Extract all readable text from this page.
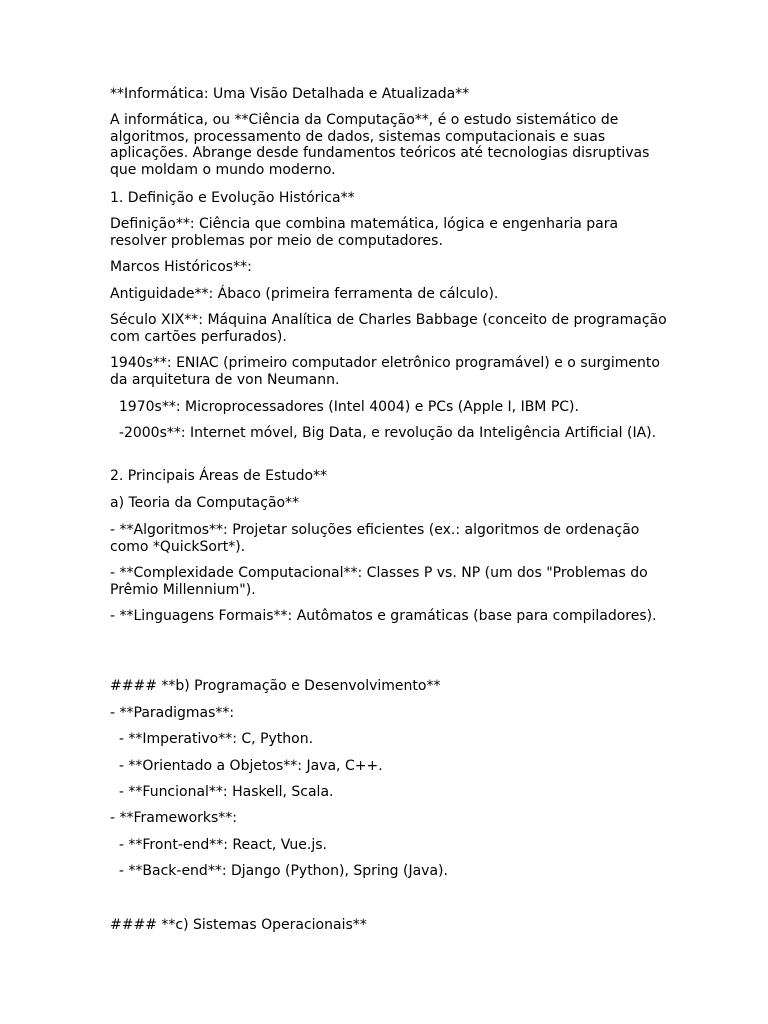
**Informática: Uma Visão Detalhada e Atualizada**
A informática, ou **Ciência da Computação**, é o estudo sistemático de algoritmos, processamento de dados, sistemas computacionais e suas aplicações. Abrange desde fundamentos teóricos até tecnologias disruptivas que moldam o mundo moderno.
1. Definição e Evolução Histórica**
Definição**: Ciência que combina matemática, lógica e engenharia para resolver problemas por meio de computadores.
Marcos Históricos**:
Antiguidade**: Ábaco (primeira ferramenta de cálculo).
Século XIX**: Máquina Analítica de Charles Babbage (conceito de programação com cartões perfurados).
1940s**: ENIAC (primeiro computador eletrônico programável) e o surgimento da arquitetura de von Neumann.
1970s**: Microprocessadores (Intel 4004) e PCs (Apple I, IBM PC).
-2000s**: Internet móvel, Big Data, e revolução da Inteligência Artificial (IA).
2. Principais Áreas de Estudo**
a) Teoria da Computação**
- **Algoritmos**: Projetar soluções eficientes (ex.: algoritmos de ordenação como *QuickSort*).
- **Complexidade Computacional**: Classes P vs. NP (um dos "Problemas do Prêmio Millennium").
- **Linguagens Formais**: Autômatos e gramáticas (base para compiladores).
#### **b) Programação e Desenvolvimento**
- **Paradigmas**:
- **Imperativo**: C, Python.
- **Orientado a Objetos**: Java, C++.
- **Funcional**: Haskell, Scala.
- **Frameworks**:
- **Front-end**: React, Vue.js.
- **Back-end**: Django (Python), Spring (Java).
#### **c) Sistemas Operacionais**
